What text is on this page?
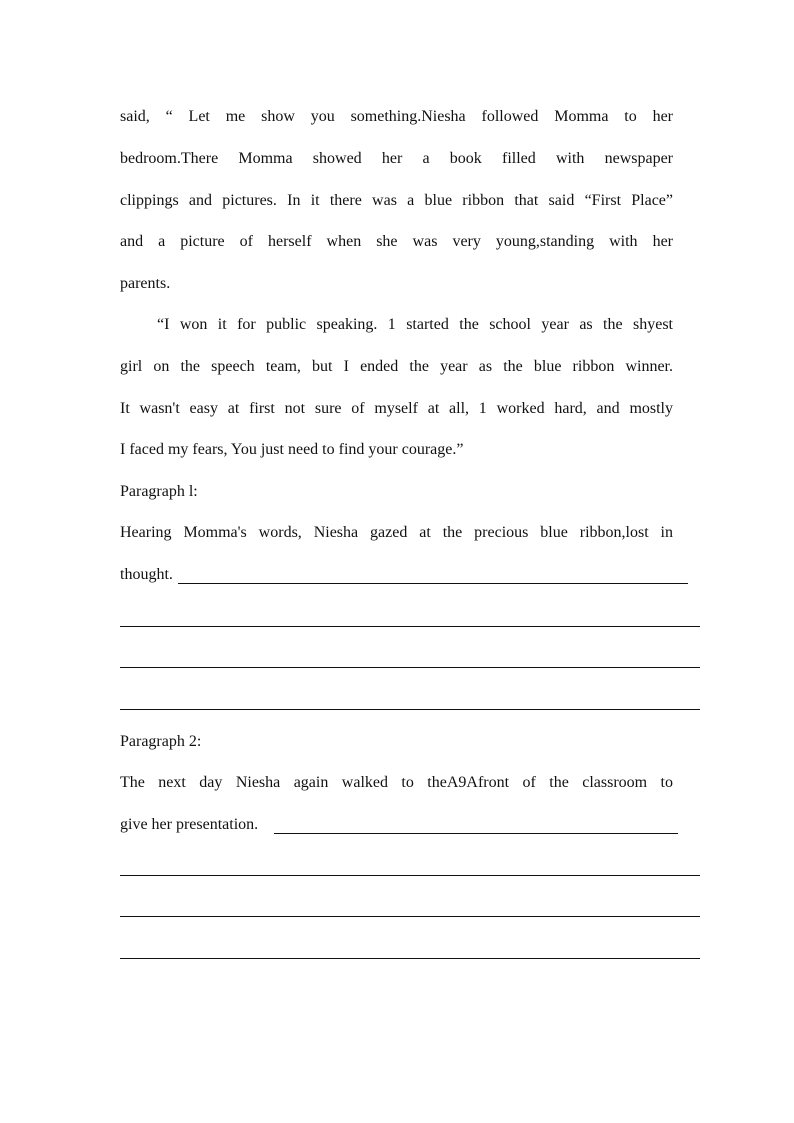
said, “ Let me show you something.Niesha followed Momma to her
bedroom.There Momma showed her a book filled with newspaper
clippings and pictures. In it there was a blue ribbon that said “First Place”
and a picture of herself when she was very young,standing with her
parents.
“I won it for public speaking. 1 started the school year as the shyest
girl on the speech team, but I ended the year as the blue ribbon winner.
It wasn't easy at first not sure of myself at all, 1 worked hard, and mostly
I faced my fears, You just need to find your courage.”
Paragraph l:
Hearing Momma's words, Niesha gazed at the precious blue ribbon,lost in
thought.
Paragraph 2:
The next day Niesha again walked to theA9Afront of the classroom to
give her presentation.
